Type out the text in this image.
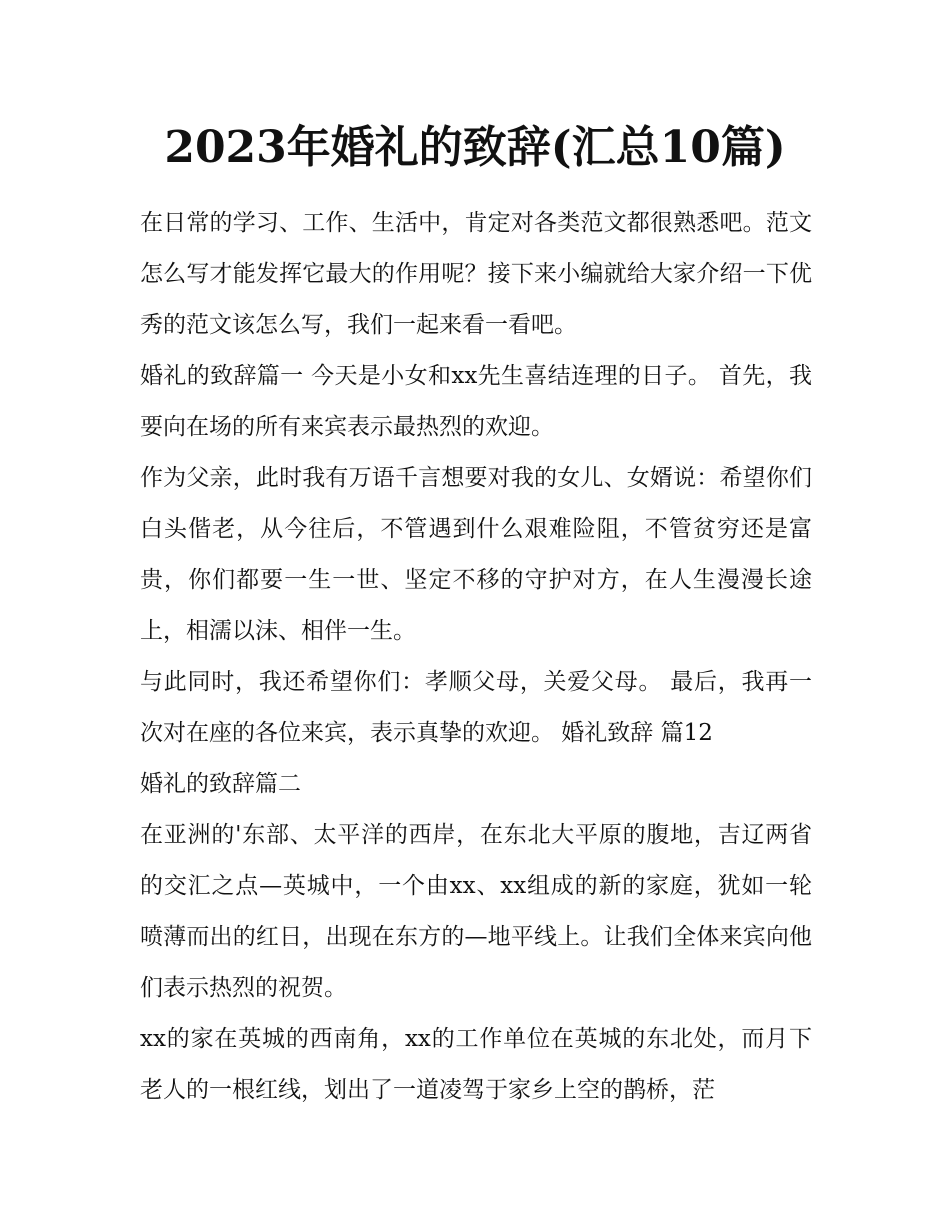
2023年婚礼的致辞(汇总10篇)

在日常的学习、工作、生活中，肯定对各类范文都很熟悉吧。范文怎么写才能发挥它最大的作用呢？接下来小编就给大家介绍一下优秀的范文该怎么写，我们一起来看一看吧。

婚礼的致辞篇一 今天是小女和xx先生喜结连理的日子。 首先，我要向在场的所有来宾表示最热烈的欢迎。

作为父亲，此时我有万语千言想要对我的女儿、女婿说：希望你们白头偕老，从今往后，不管遇到什么艰难险阻，不管贫穷还是富贵，你们都要一生一世、坚定不移的守护对方，在人生漫漫长途上，相濡以沫、相伴一生。

与此同时，我还希望你们：孝顺父母，关爱父母。 最后，我再一次对在座的各位来宾，表示真挚的欢迎。 婚礼致辞 篇12

婚礼的致辞篇二

在亚洲的'东部、太平洋的西岸，在东北大平原的腹地，吉辽两省的交汇之点—英城中，一个由xx、xx组成的新的家庭，犹如一轮喷薄而出的红日，出现在东方的—地平线上。让我们全体来宾向他们表示热烈的祝贺。

xx的家在英城的西南角，xx的工作单位在英城的东北处，而月下老人的一根红线，划出了一道凌驾于家乡上空的鹊桥，茫
